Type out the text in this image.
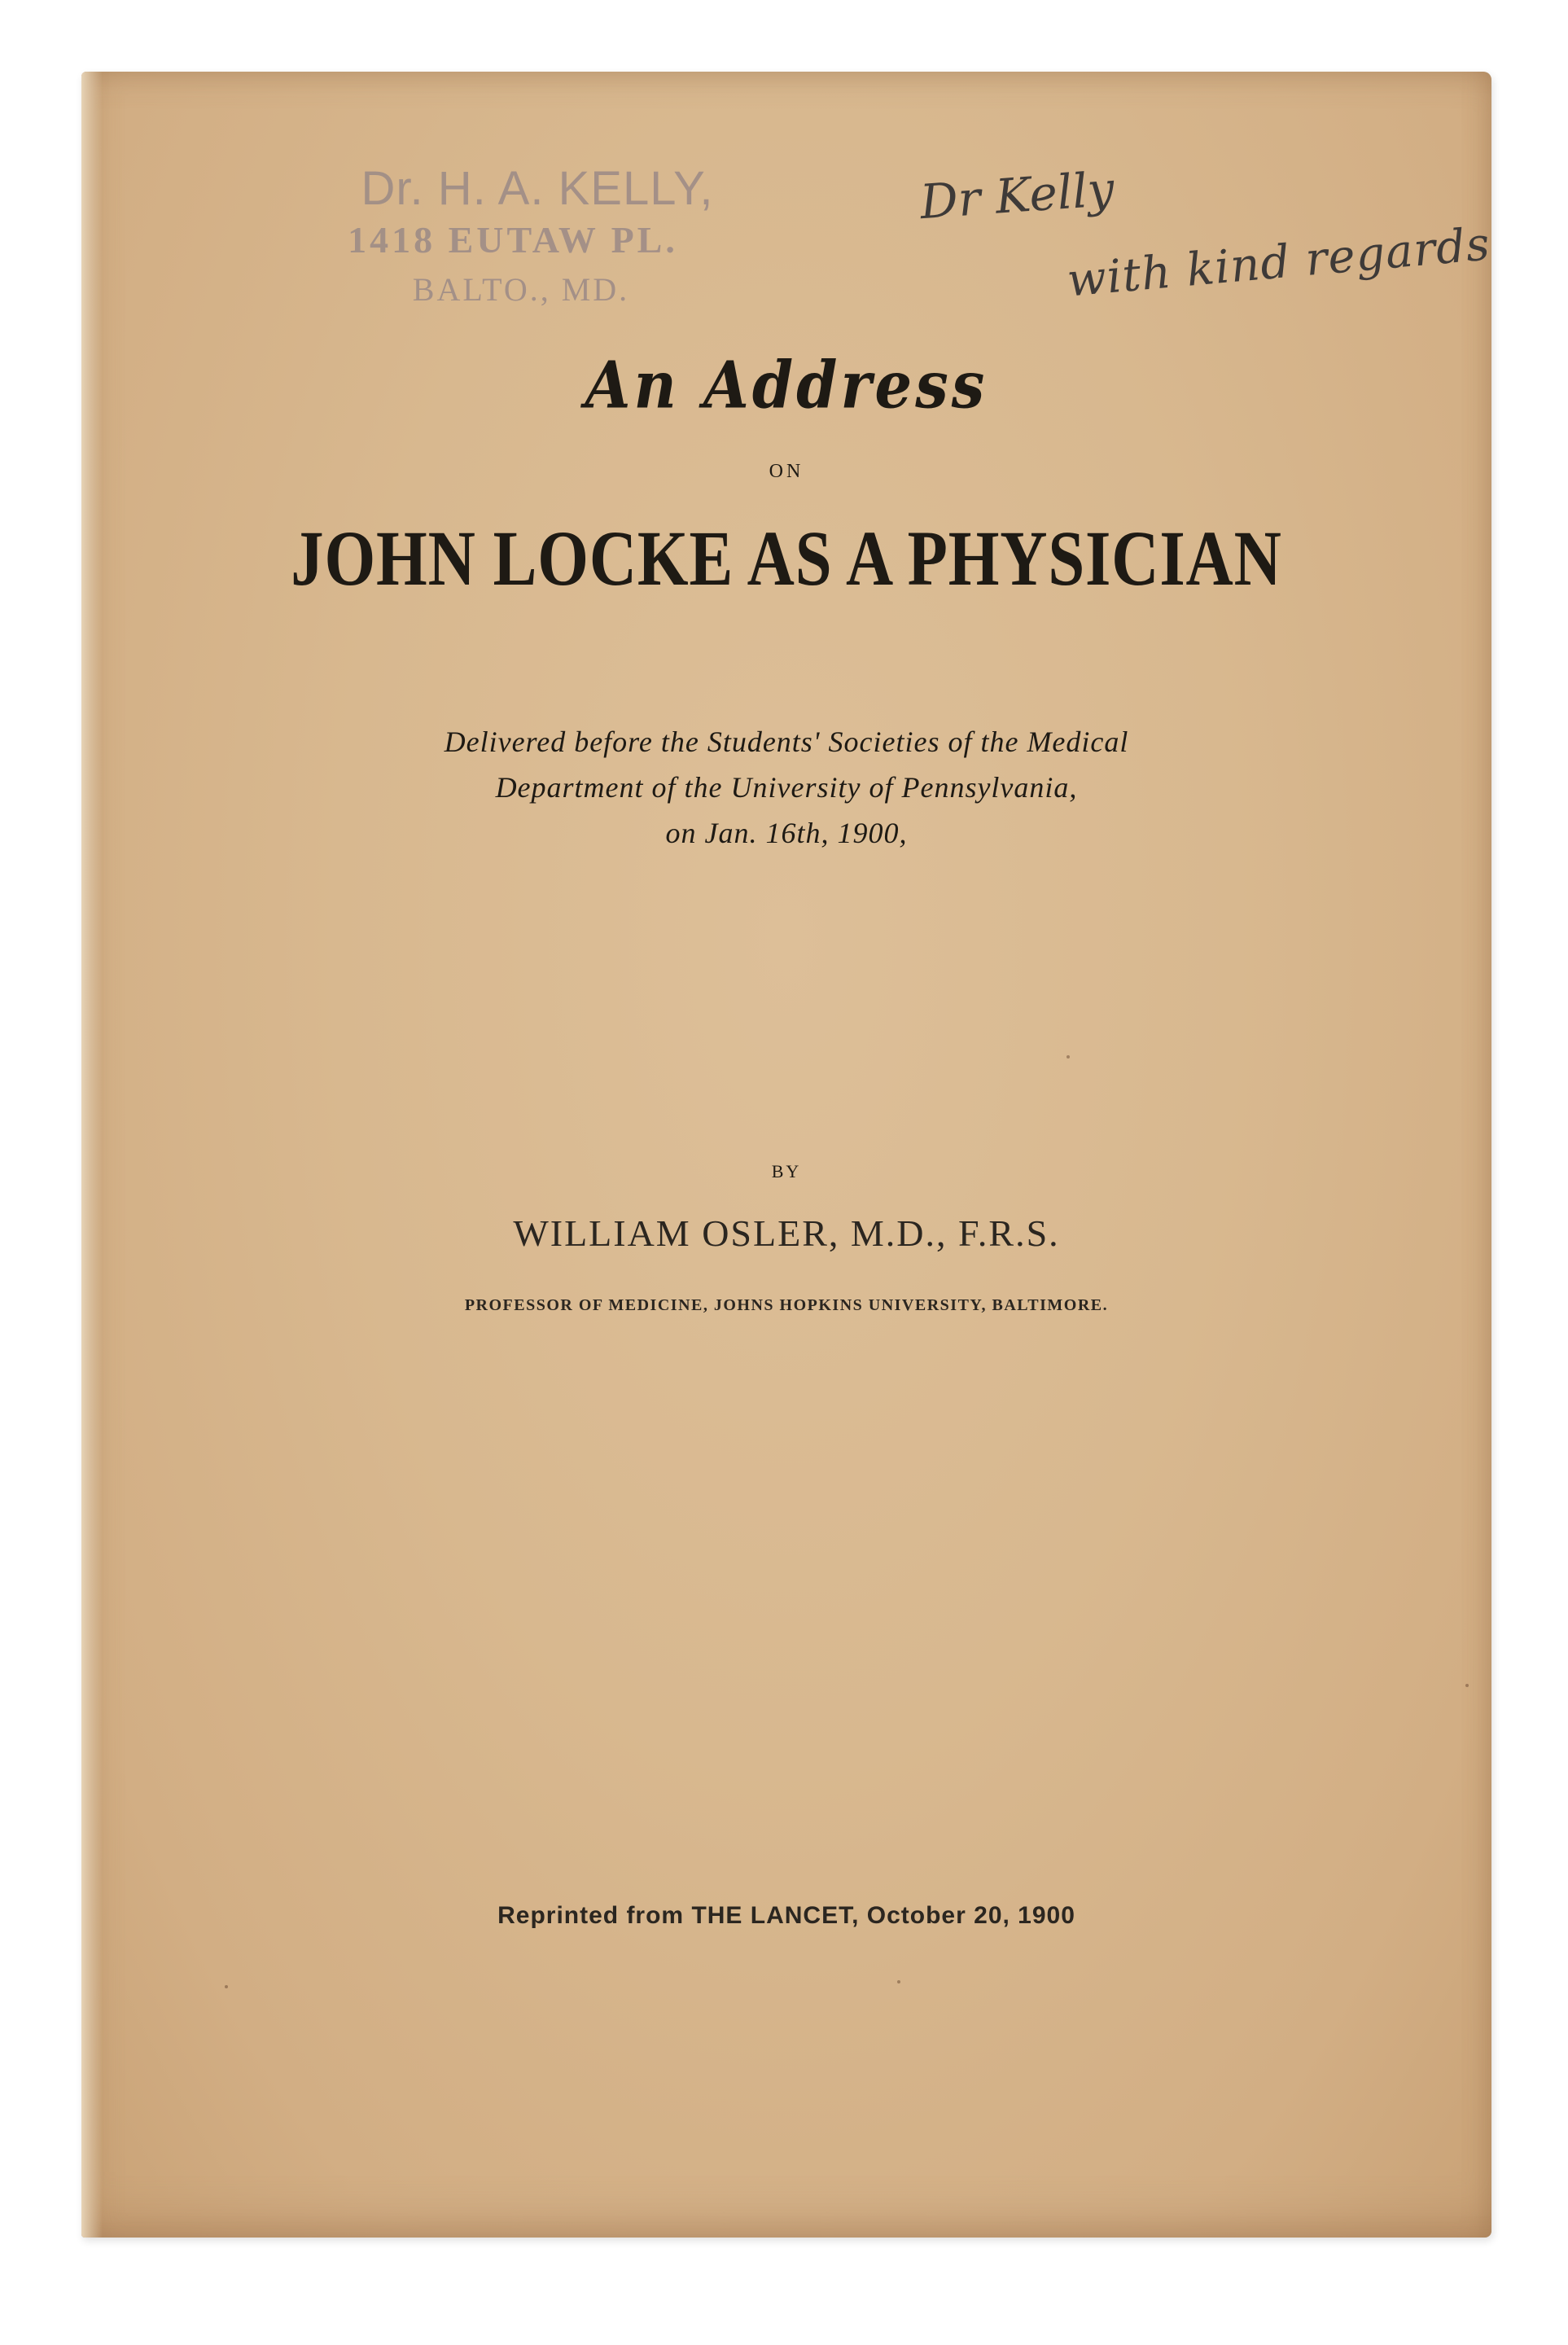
Dr. H. A. KELLY,
1418 EUTAW PL.
BALTO., MD.
Dr Kelly
with kind regards

An Address

ON

JOHN LOCKE AS A PHYSICIAN

Delivered before the Students' Societies of the Medical

Department of the University of Pennsylvania,

on Jan. 16th, 1900,

BY

WILLIAM OSLER, M.D., F.R.S.

PROFESSOR OF MEDICINE, JOHNS HOPKINS UNIVERSITY, BALTIMORE.

Reprinted from THE LANCET, October 20, 1900
